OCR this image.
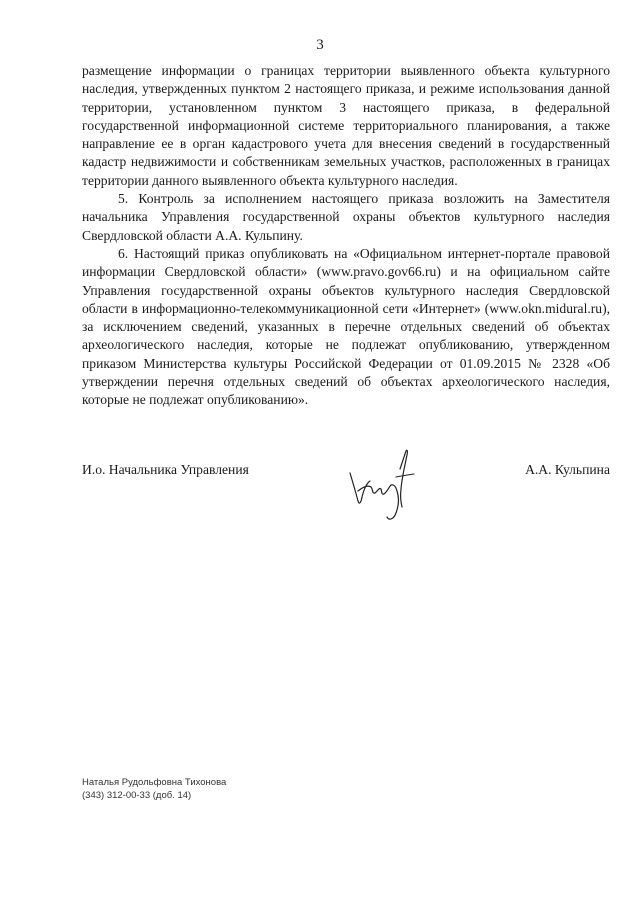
3

размещение информации о границах территории выявленного объекта культурного наследия, утвержденных пунктом 2 настоящего приказа, и режиме использования данной территории, установленном пунктом 3 настоящего приказа, в федеральной государственной информационной системе территориального планирования, а также направление ее в орган кадастрового учета для внесения сведений в государственный кадастр недвижимости и собственникам земельных участков, расположенных в границах территории данного выявленного объекта культурного наследия.

5. Контроль за исполнением настоящего приказа возложить на Заместителя начальника Управления государственной охраны объектов культурного наследия Свердловской области А.А. Кульпину.

6. Настоящий приказ опубликовать на «Официальном интернет-портале правовой информации Свердловской области» (www.pravo.gov66.ru) и на официальном сайте Управления государственной охраны объектов культурного наследия Свердловской области в информационно-телекоммуникационной сети «Интернет» (www.okn.midural.ru), за исключением сведений, указанных в перечне отдельных сведений об объектах археологического наследия, которые не подлежат опубликованию, утвержденном приказом Министерства культуры Российской Федерации от 01.09.2015 № 2328 «Об утверждении перечня отдельных сведений об объектах археологического наследия, которые не подлежат опубликованию».

И.о. Начальника Управления	А.А. Кульпина
Наталья Рудольфовна Тихонова
(343) 312-00-33 (доб. 14)
